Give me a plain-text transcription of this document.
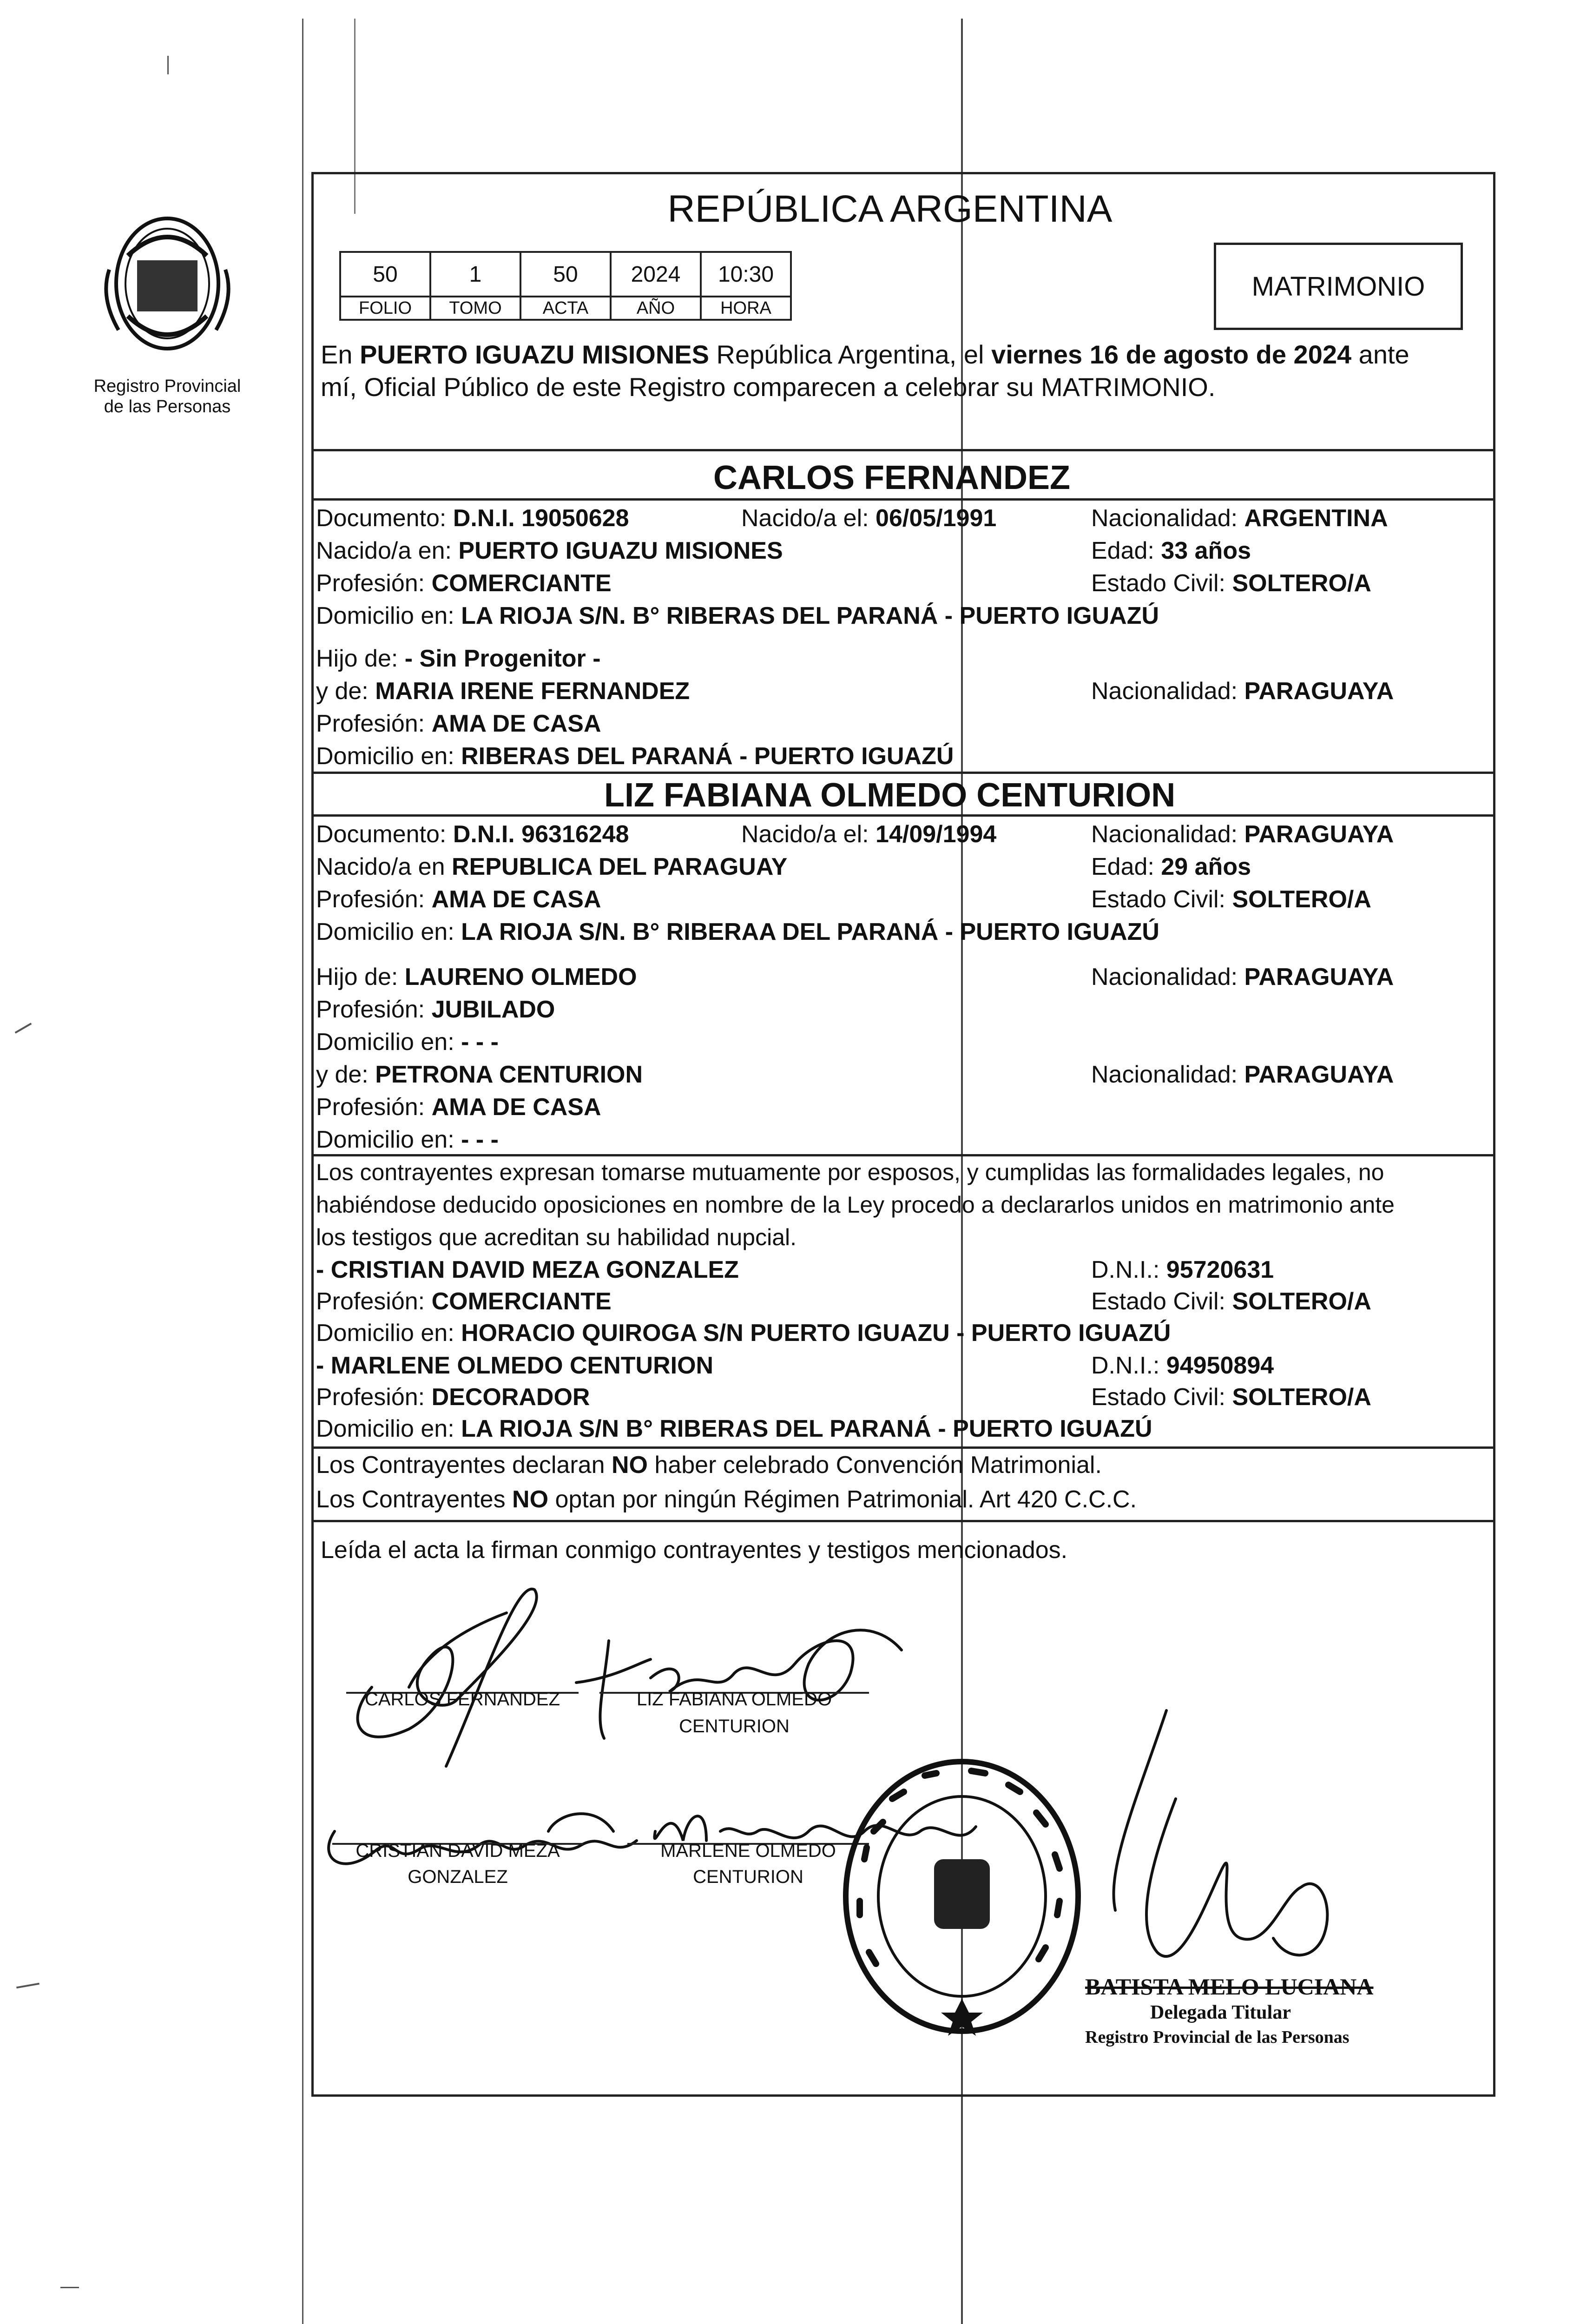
Registro Provincial
de las Personas
REPÚBLICA ARGENTINA
50	1	50	2024	10:30
FOLIO	TOMO	ACTA	AÑO	HORA
MATRIMONIO
En PUERTO IGUAZU MISIONES República Argentina, el viernes 16 de agosto de 2024 ante
mí, Oficial Público de este Registro comparecen a celebrar su MATRIMONIO.
CARLOS FERNANDEZ
Documento: D.N.I. 19050628	Nacido/a el: 06/05/1991	Nacionalidad: ARGENTINA
Nacido/a en: PUERTO IGUAZU MISIONES	Edad: 33 años
Profesión: COMERCIANTE	Estado Civil: SOLTERO/A
Domicilio en: LA RIOJA S/N. B° RIBERAS DEL PARANÁ - PUERTO IGUAZÚ
Hijo de: - Sin Progenitor -
y de: MARIA IRENE FERNANDEZ	Nacionalidad: PARAGUAYA
Profesión: AMA DE CASA
Domicilio en: RIBERAS DEL PARANÁ - PUERTO IGUAZÚ
LIZ FABIANA OLMEDO CENTURION
Documento: D.N.I. 96316248	Nacido/a el: 14/09/1994	Nacionalidad: PARAGUAYA
Nacido/a en REPUBLICA DEL PARAGUAY	Edad: 29 años
Profesión: AMA DE CASA	Estado Civil: SOLTERO/A
Domicilio en: LA RIOJA S/N. B° RIBERAA DEL PARANÁ - PUERTO IGUAZÚ
Hijo de: LAURENO OLMEDO	Nacionalidad: PARAGUAYA
Profesión: JUBILADO
Domicilio en: - - -
y de: PETRONA CENTURION	Nacionalidad: PARAGUAYA
Profesión: AMA DE CASA
Domicilio en: - - -
Los contrayentes expresan tomarse mutuamente por esposos, y cumplidas las formalidades legales, no
habiéndose deducido oposiciones en nombre de la Ley procedo a declararlos unidos en matrimonio ante
los testigos que acreditan su habilidad nupcial.
- CRISTIAN DAVID MEZA GONZALEZ	D.N.I.: 95720631
Profesión: COMERCIANTE	Estado Civil: SOLTERO/A
Domicilio en: HORACIO QUIROGA S/N PUERTO IGUAZU - PUERTO IGUAZÚ
- MARLENE OLMEDO CENTURION	D.N.I.: 94950894
Profesión: DECORADOR	Estado Civil: SOLTERO/A
Domicilio en: LA RIOJA S/N B° RIBERAS DEL PARANÁ - PUERTO IGUAZÚ
Los Contrayentes declaran NO haber celebrado Convención Matrimonial.
Los Contrayentes NO optan por ningún Régimen Patrimonial. Art 420 C.C.C.
Leída el acta la firman conmigo contrayentes y testigos mencionados.
CARLOS FERNANDEZ	LIZ FABIANA OLMEDO
CENTURION
CRISTIAN DAVID MEZA
GONZALEZ
MARLENE OLMEDO
CENTURION
BATISTA MELO LUCIANA
Delegada Titular
Registro Provincial de las Personas
